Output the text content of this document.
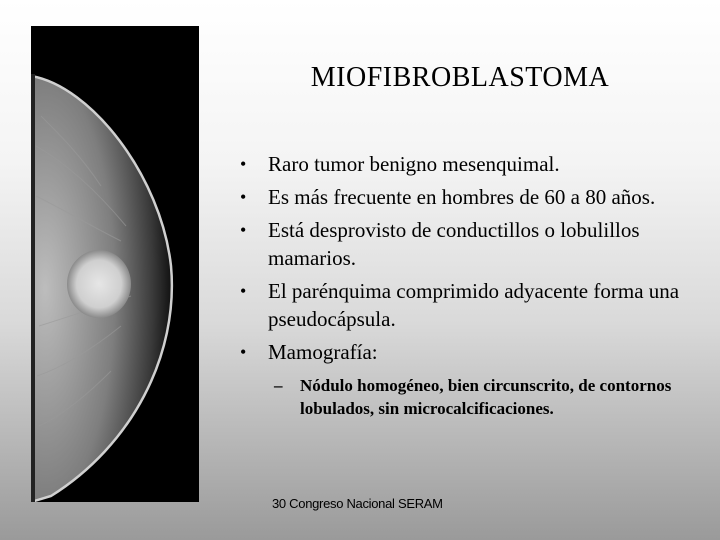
MIOFIBROBLASTOMA
• Raro tumor benigno mesenquimal.
• Es más frecuente en hombres de 60 a 80 años.
• Está desprovisto de conductillos o lobulillos mamarios.
• El parénquima comprimido adyacente forma una pseudocápsula.
• Mamografía:
– Nódulo homogéneo, bien circunscrito, de contornos lobulados, sin microcalcificaciones.
30 Congreso Nacional SERAM
